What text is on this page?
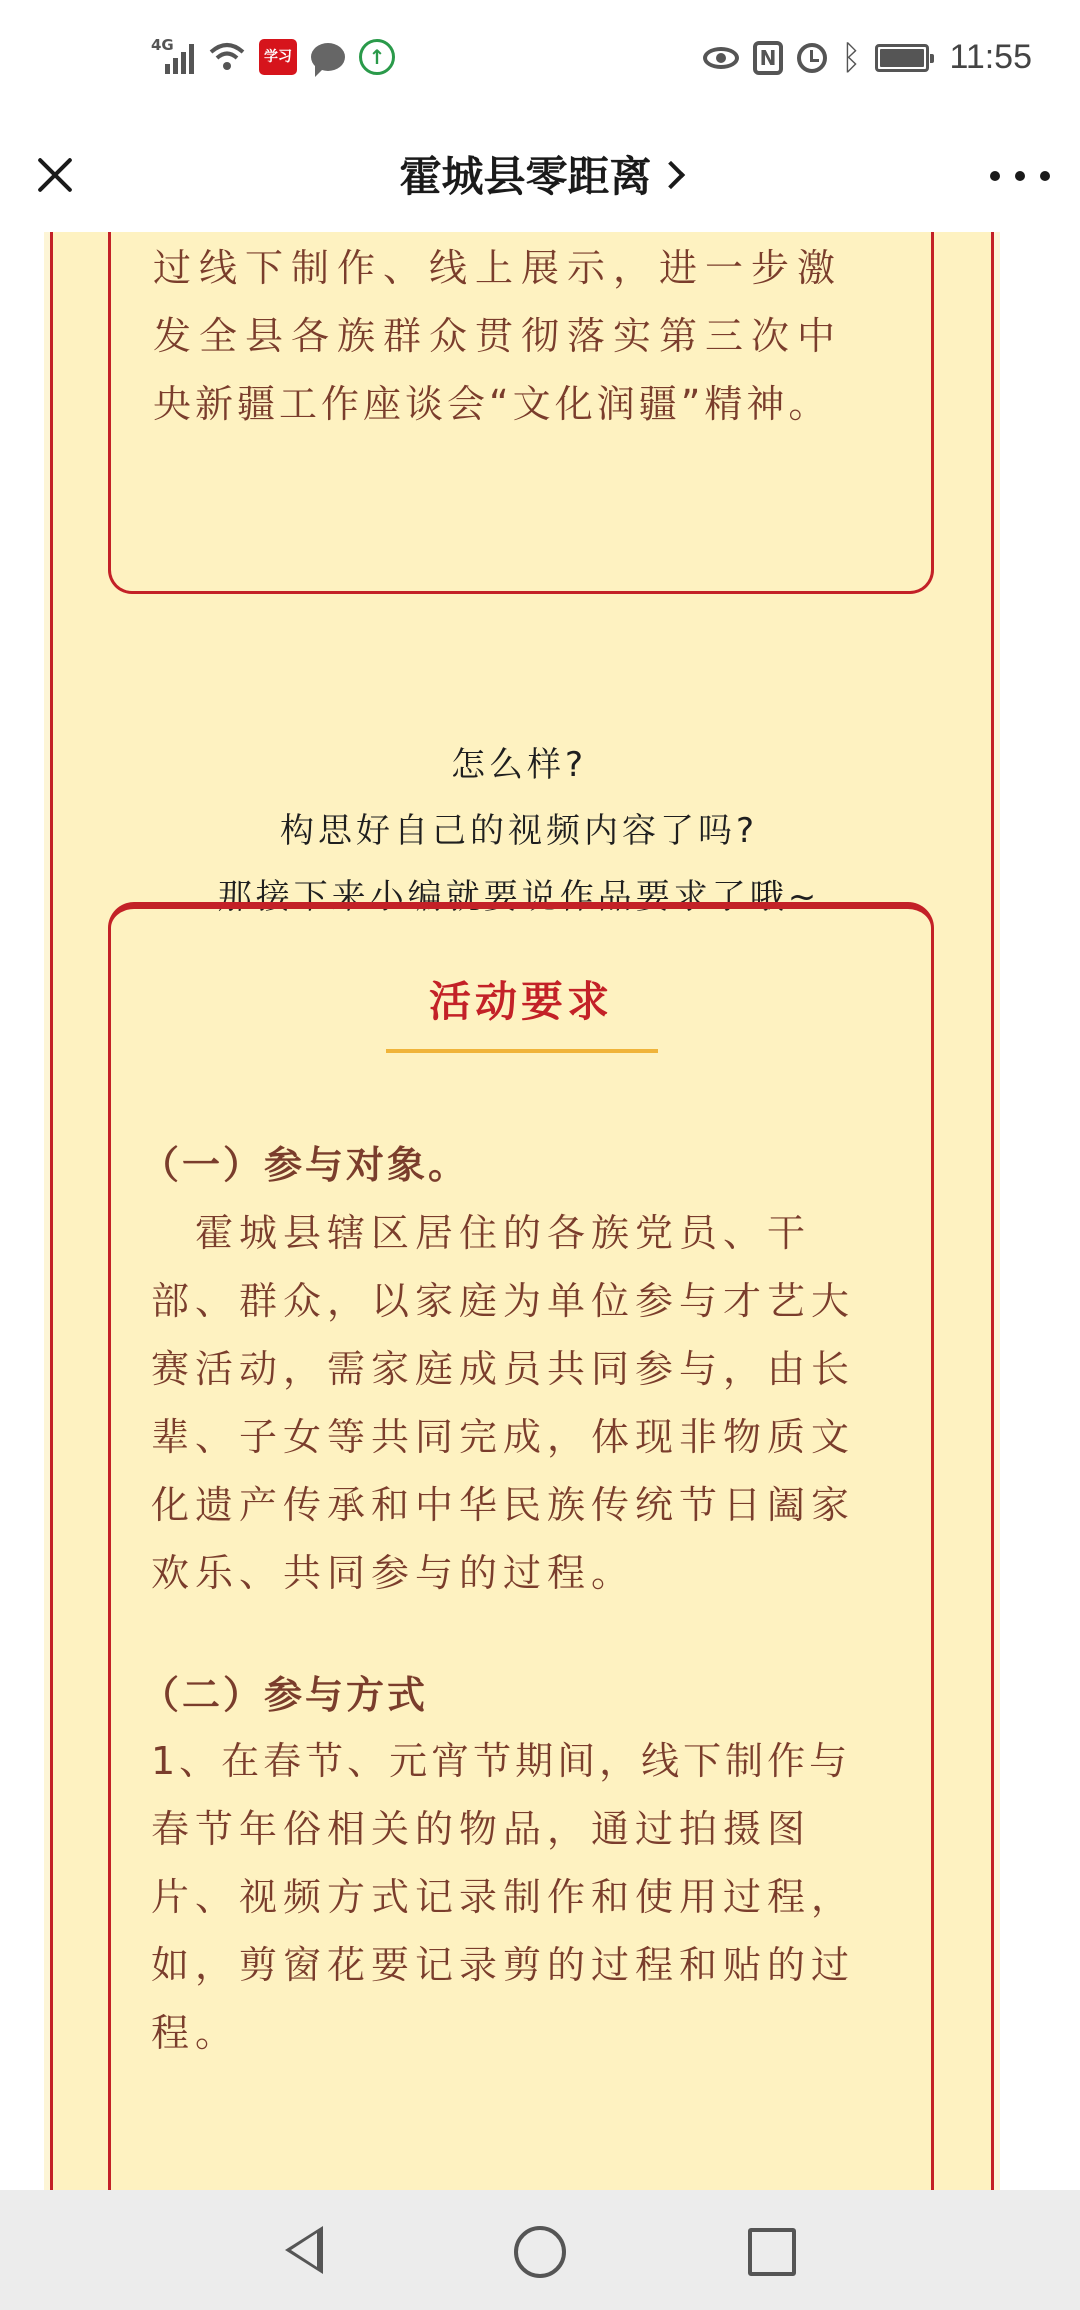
4G
学习	↑	N ᛒ	11:55
霍城县零距离
过线下制作、线上展示，进一步激
发全县各族群众贯彻落实第三次中
央新疆工作座谈会“文化润疆”精神。
怎么样?
构思好自己的视频内容了吗?
那接下来小编就要说作品要求了哦~
活动要求
（一）参与对象。
　霍城县辖区居住的各族党员、干
部、群众，以家庭为单位参与才艺大
赛活动，需家庭成员共同参与，由长
辈、子女等共同完成，体现非物质文
化遗产传承和中华民族传统节日阖家
欢乐、共同参与的过程。
（二）参与方式
1、在春节、元宵节期间，线下制作与
春节年俗相关的物品，通过拍摄图
片、视频方式记录制作和使用过程，
如，剪窗花要记录剪的过程和贴的过
程。
